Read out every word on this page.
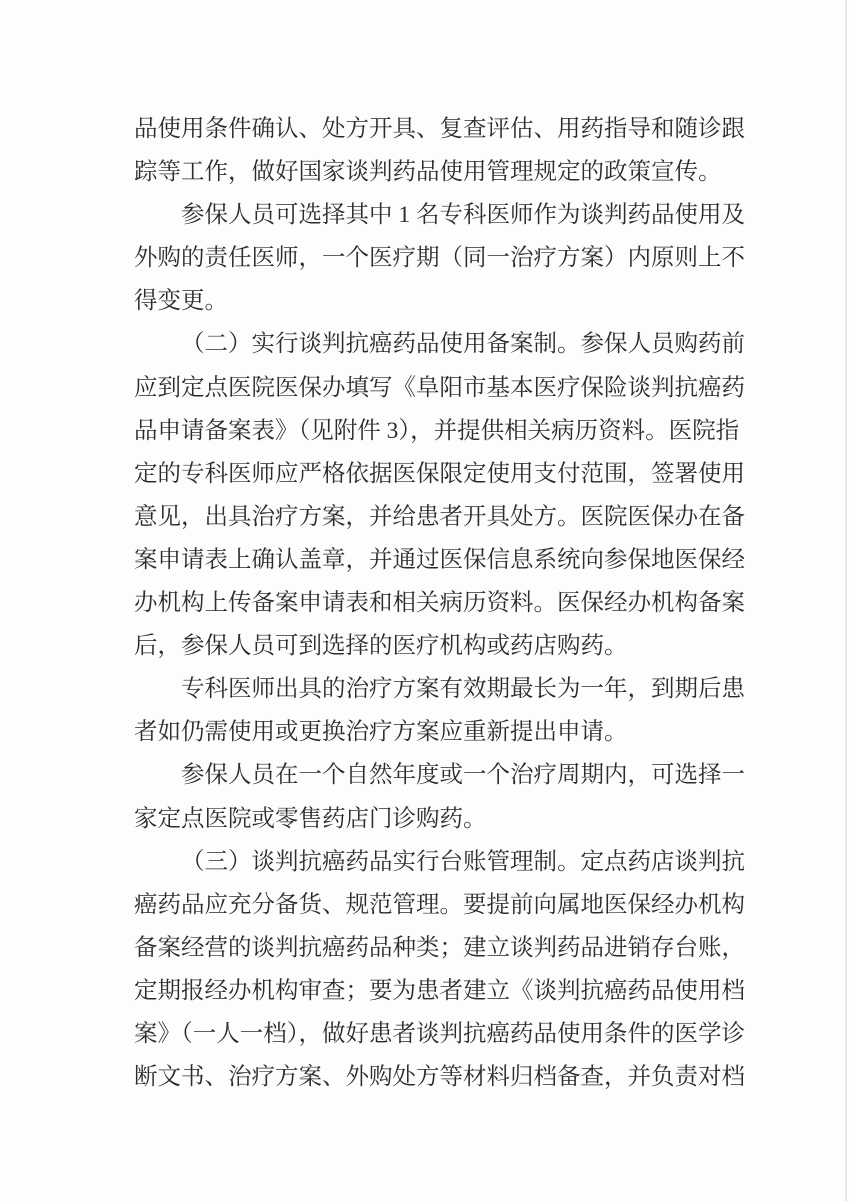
品使用条件确认、处方开具、复查评估、用药指导和随诊跟
踪等工作，做好国家谈判药品使用管理规定的政策宣传。
参保人员可选择其中 1 名专科医师作为谈判药品使用及
外购的责任医师，一个医疗期（同一治疗方案）内原则上不
得变更。
（二）实行谈判抗癌药品使用备案制。参保人员购药前
应到定点医院医保办填写《阜阳市基本医疗保险谈判抗癌药
品申请备案表》（见附件 3），并提供相关病历资料。医院指
定的专科医师应严格依据医保限定使用支付范围，签署使用
意见，出具治疗方案，并给患者开具处方。医院医保办在备
案申请表上确认盖章，并通过医保信息系统向参保地医保经
办机构上传备案申请表和相关病历资料。医保经办机构备案
后，参保人员可到选择的医疗机构或药店购药。
专科医师出具的治疗方案有效期最长为一年，到期后患
者如仍需使用或更换治疗方案应重新提出申请。
参保人员在一个自然年度或一个治疗周期内，可选择一
家定点医院或零售药店门诊购药。
（三）谈判抗癌药品实行台账管理制。定点药店谈判抗
癌药品应充分备货、规范管理。要提前向属地医保经办机构
备案经营的谈判抗癌药品种类；建立谈判药品进销存台账，
定期报经办机构审查；要为患者建立《谈判抗癌药品使用档
案》（一人一档），做好患者谈判抗癌药品使用条件的医学诊
断文书、治疗方案、外购处方等材料归档备查，并负责对档
